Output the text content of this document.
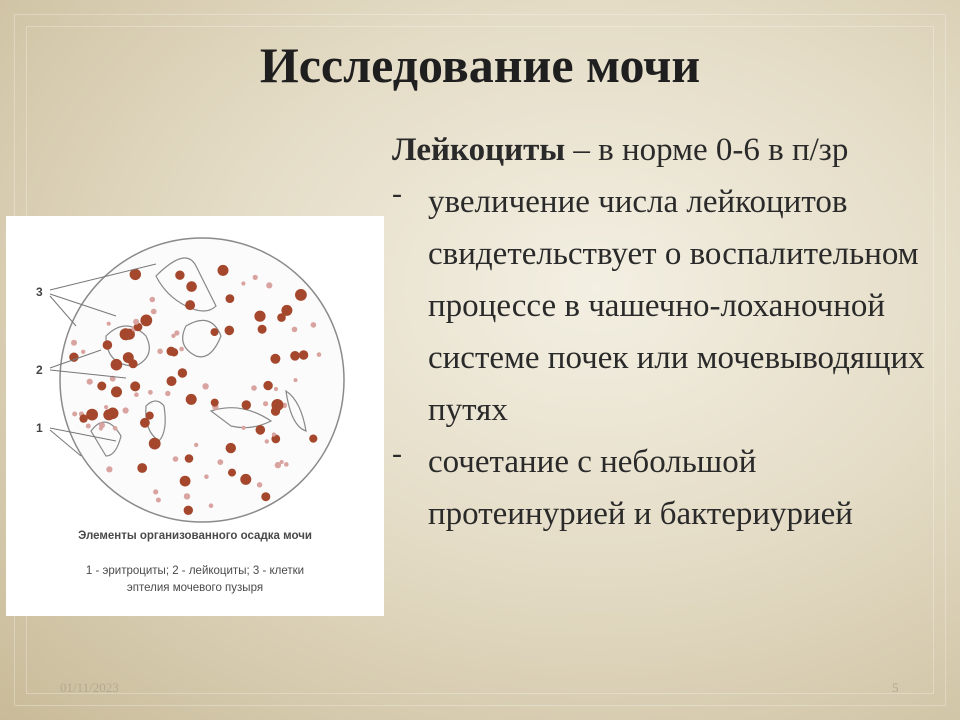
Исследование мочи

Лейкоциты – в норме 0-6 в п/зр

- увеличение числа лейкоцитов свидетельствует о воспалительном процессе в чашечно-лоханочной системе почек или мочевыводящих путях

- сочетание с небольшой протеинурией и бактериурией

3
2
1
Элементы организованного осадка мочи
1 - эритроциты; 2 - лейкоциты; 3 - клетки
эптелия мочевого пузыря
01/11/2023	5
